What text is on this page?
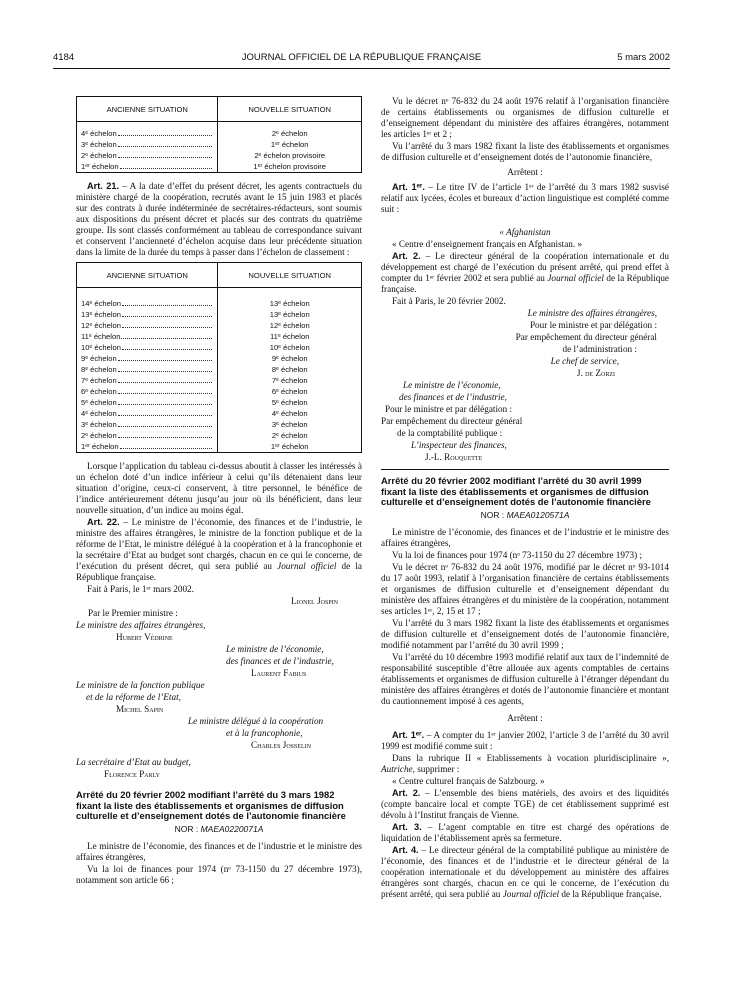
4184	JOURNAL OFFICIEL DE LA RÉPUBLIQUE FRANÇAISE	5 mars 2002
ANCIENNE SITUATION	NOUVELLE SITUATION

4ᵉ échelon	2ᵉ échelon

3ᵉ échelon	1ᵉʳ échelon

2ᵉ échelon	2ᵉ échelon provisoire

1ᵉʳ échelon	1ᵉʳ échelon provisoire

Art. 21. – A la date d’effet du présent décret, les agents contractuels du ministère chargé de la coopération, recrutés avant le 15 juin 1983 et placés sur des contrats à durée indéterminée de secrétaires-rédacteurs, sont soumis aux dispositions du présent décret et placés sur des contrats du quatrième groupe. Ils sont classés conformément au tableau de correspondance suivant et conservent l’ancienneté d’échelon acquise dans leur précédente situation dans la limite de la durée du temps à passer dans l’échelon de classement :

ANCIENNE SITUATION	NOUVELLE SITUATION

14ᵉ échelon	13ᵉ échelon

13ᵉ échelon	13ᵉ échelon

12ᵉ échelon	12ᵉ échelon

11ᵉ échelon	11ᵉ échelon

10ᵉ échelon	10ᵉ échelon

9ᵉ échelon	9ᵉ échelon

8ᵉ échelon	8ᵉ échelon

7ᵉ échelon	7ᵉ échelon

6ᵉ échelon	6ᵉ échelon

5ᵉ échelon	5ᵉ échelon

4ᵉ échelon	4ᵉ échelon

3ᵉ échelon	3ᵉ échelon

2ᵉ échelon	2ᵉ échelon

1ᵉʳ échelon	1ᵉʳ échelon

Lorsque l’application du tableau ci-dessus aboutit à classer les intéressés à un échelon doté d’un indice inférieur à celui qu’ils détenaient dans leur situation d’origine, ceux-ci conservent, à titre personnel, le bénéfice de l’indice antérieurement détenu jusqu’au jour où ils bénéficient, dans leur nouvelle situation, d’un indice au moins égal.

Art. 22. – Le ministre de l’économie, des finances et de l’industrie, le ministre des affaires étrangères, le ministre de la fonction publique et de la réforme de l’Etat, le ministre délégué à la coopération et à la francophonie et la secrétaire d’Etat au budget sont chargés, chacun en ce qui le concerne, de l’exécution du présent décret, qui sera publié au Journal officiel de la République française.

Fait à Paris, le 1ᵉʳ mars 2002.

Lionel Jospin

Par le Premier ministre :

Le ministre des affaires étrangères,

Hubert Védrine

Le ministre de l’économie,

des finances et de l’industrie,

Laurent Fabius

Le ministre de la fonction publique

et de la réforme de l’Etat,

Michel Sapin

Le ministre délégué à la coopération

et à la francophonie,

Charles Josselin

La secrétaire d’Etat au budget,

Florence Parly

Arrêté du 20 février 2002 modifiant l’arrêté du 3 mars 1982 fixant la liste des établissements et organismes de diffusion culturelle et d’enseignement dotés de l’autonomie financière

NOR : MAEA0220071A

Le ministre de l’économie, des finances et de l’industrie et le ministre des affaires étrangères,

Vu la loi de finances pour 1974 (nᵒ 73-1150 du 27 décembre 1973), notamment son article 66 ;

Vu le décret nᵒ 76-832 du 24 août 1976 relatif à l’organisation financière de certains établissements ou organismes de diffusion culturelle et d’enseignement dépendant du ministère des affaires étrangères, notamment les articles 1ᵉʳ et 2 ;

Vu l’arrêté du 3 mars 1982 fixant la liste des établissements et organismes de diffusion culturelle et d’enseignement dotés de l’autonomie financière,

Arrêtent :

Art. 1ᵉʳ. – Le titre IV de l’article 1ᵉʳ de l’arrêté du 3 mars 1982 susvisé relatif aux lycées, écoles et bureaux d’action linguistique est complété comme suit :

« Afghanistan

« Centre d’enseignement français en Afghanistan. »

Art. 2. – Le directeur général de la coopération internationale et du développement est chargé de l’exécution du présent arrêté, qui prend effet à compter du 1ᵉʳ février 2002 et sera publié au Journal officiel de la République française.

Fait à Paris, le 20 février 2002.

Le ministre des affaires étrangères,

Pour le ministre et par délégation :

Par empêchement du directeur général

de l’administration :

Le chef de service,

J. de Zorzi

Le ministre de l’économie,

des finances et de l’industrie,

Pour le ministre et par délégation :

Par empêchement du directeur général

de la comptabilité publique :

L’inspecteur des finances,

J.-L. Rouquette

Arrêté du 20 février 2002 modifiant l’arrêté du 30 avril 1999 fixant la liste des établissements et organismes de diffusion culturelle et d’enseignement dotés de l’autonomie financière

NOR : MAEA0120571A

Le ministre de l’économie, des finances et de l’industrie et le ministre des affaires étrangères,

Vu la loi de finances pour 1974 (nᵒ 73-1150 du 27 décembre 1973) ;

Vu le décret nᵒ 76-832 du 24 août 1976, modifié par le décret nᵒ 93-1014 du 17 août 1993, relatif à l’organisation financière de certains établissements et organismes de diffusion culturelle et d’enseignement dépendant du ministère des affaires étrangères et du ministère de la coopération, notamment ses articles 1ᵉʳ, 2, 15 et 17 ;

Vu l’arrêté du 3 mars 1982 fixant la liste des établissements et organismes de diffusion culturelle et d’enseignement dotés de l’autonomie financière, modifié notamment par l’arrêté du 30 avril 1999 ;

Vu l’arrêté du 10 décembre 1993 modifié relatif aux taux de l’indemnité de responsabilité susceptible d’être allouée aux agents comptables de certains établissements et organismes de diffusion culturelle à l’étranger dépendant du ministère des affaires étrangères et dotés de l’autonomie financière et montant du cautionnement imposé à ces agents,

Arrêtent :

Art. 1ᵉʳ. – A compter du 1ᵉʳ janvier 2002, l’article 3 de l’arrêté du 30 avril 1999 est modifié comme suit :

Dans la rubrique II « Etablissements à vocation pluridisciplinaire », Autriche, supprimer :

« Centre culturel français de Salzbourg. »

Art. 2. – L’ensemble des biens matériels, des avoirs et des liquidités (compte bancaire local et compte TGE) de cet établissement supprimé est dévolu à l’Institut français de Vienne.

Art. 3. – L’agent comptable en titre est chargé des opérations de liquidation de l’établissement après sa fermeture.

Art. 4. – Le directeur général de la comptabilité publique au ministère de l’économie, des finances et de l’industrie et le directeur général de la coopération internationale et du développement au ministère des affaires étrangères sont chargés, chacun en ce qui le concerne, de l’exécution du présent arrêté, qui sera publié au Journal officiel de la République française.
